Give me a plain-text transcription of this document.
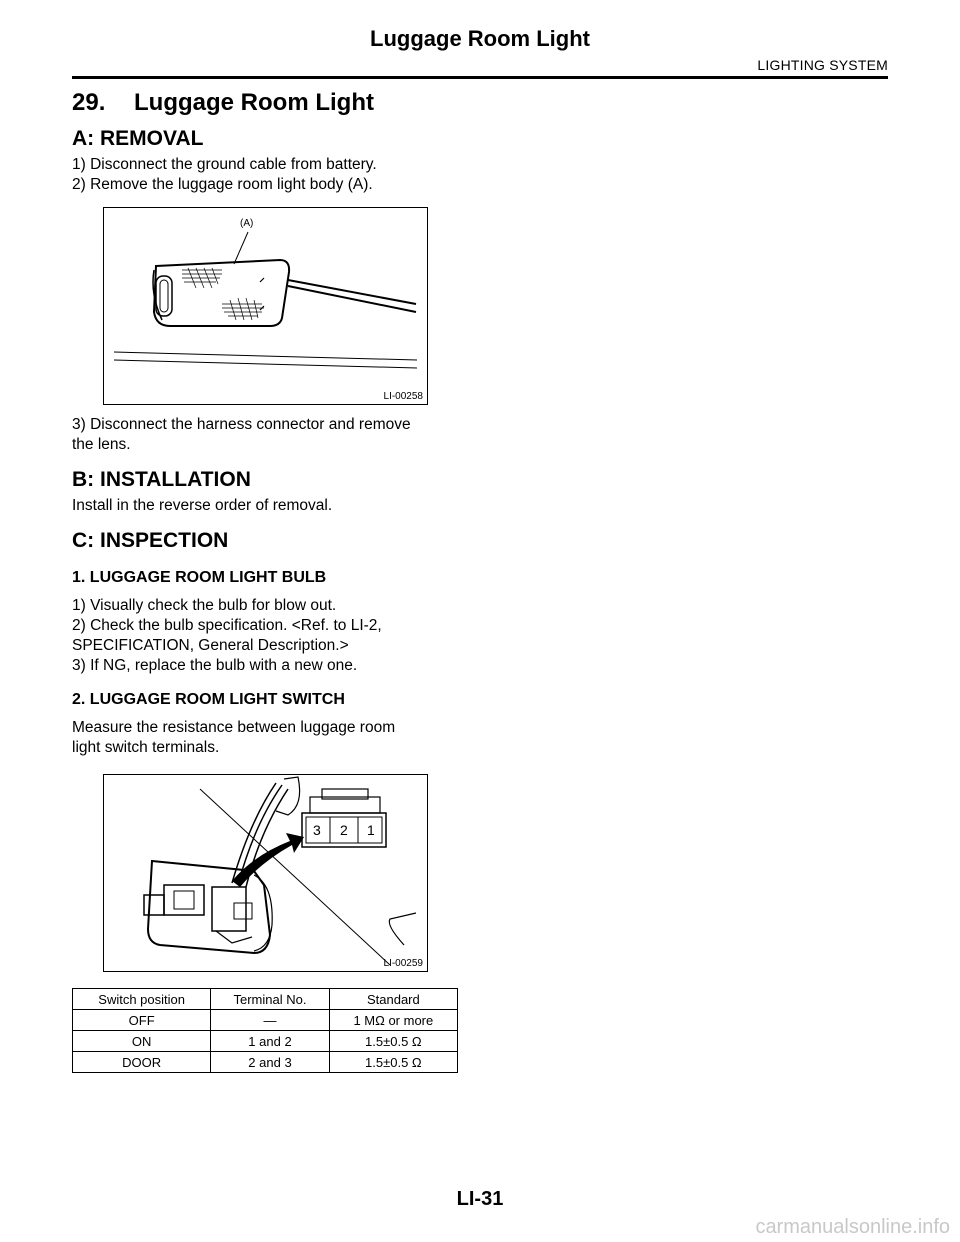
Luggage Room Light
LIGHTING SYSTEM
29. Luggage Room Light
A: REMOVAL

1) Disconnect the ground cable from battery.

2) Remove the luggage room light body (A).

(A)
LI-00258

3) Disconnect the harness connector and remove

the lens.

B: INSTALLATION

Install in the reverse order of removal.

C: INSPECTION
1. LUGGAGE ROOM LIGHT BULB

1) Visually check the bulb for blow out.

2) Check the bulb specification. <Ref. to LI-2,

SPECIFICATION, General Description.>

3) If NG, replace the bulb with a new one.

2. LUGGAGE ROOM LIGHT SWITCH

Measure the resistance between luggage room

light switch terminals.

3 2 1
LI-00259
Switch position	Terminal No.	Standard
OFF	—	1 MΩ or more
ON	1 and 2	1.5±0.5 Ω
DOOR	2 and 3	1.5±0.5 Ω
LI-31
carmanualsonline.info
